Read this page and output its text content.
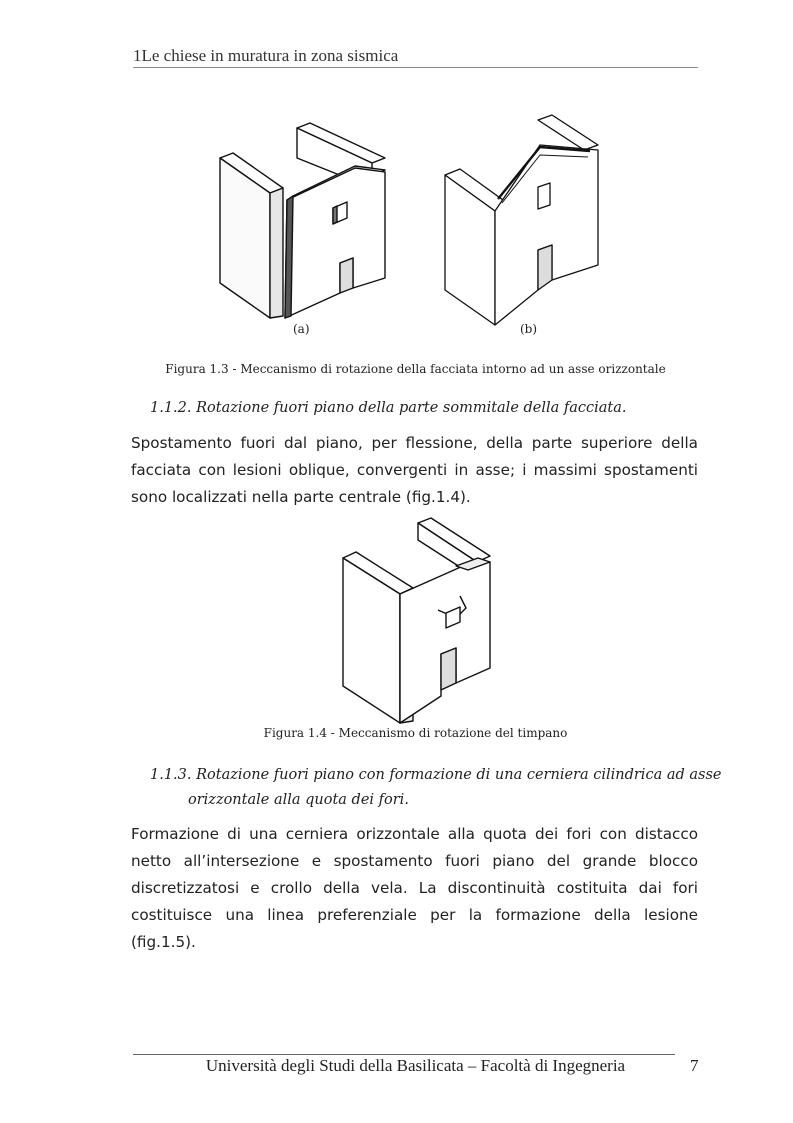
1Le chiese in muratura in zona sismica
(a)	(b)
Figura 1.3 - Meccanismo di rotazione della facciata intorno ad un asse orizzontale
1.1.2. Rotazione fuori piano della parte sommitale della facciata.
Spostamento fuori dal piano, per flessione, della parte superiore della facciata con lesioni oblique, convergenti in asse; i massimi spostamenti sono localizzati nella parte centrale (fig.1.4).
Figura 1.4 - Meccanismo di rotazione del timpano
1.1.3. Rotazione fuori piano con formazione di una cerniera cilindrica ad asse
orizzontale alla quota dei fori.
Formazione di una cerniera orizzontale alla quota dei fori con distacco netto all’intersezione e spostamento fuori piano del grande blocco discretizzatosi e crollo della vela. La discontinuità costituita dai fori costituisce una linea preferenziale per la formazione della lesione (fig.1.5).
Università degli Studi della Basilicata – Facoltà di Ingegneria	7
